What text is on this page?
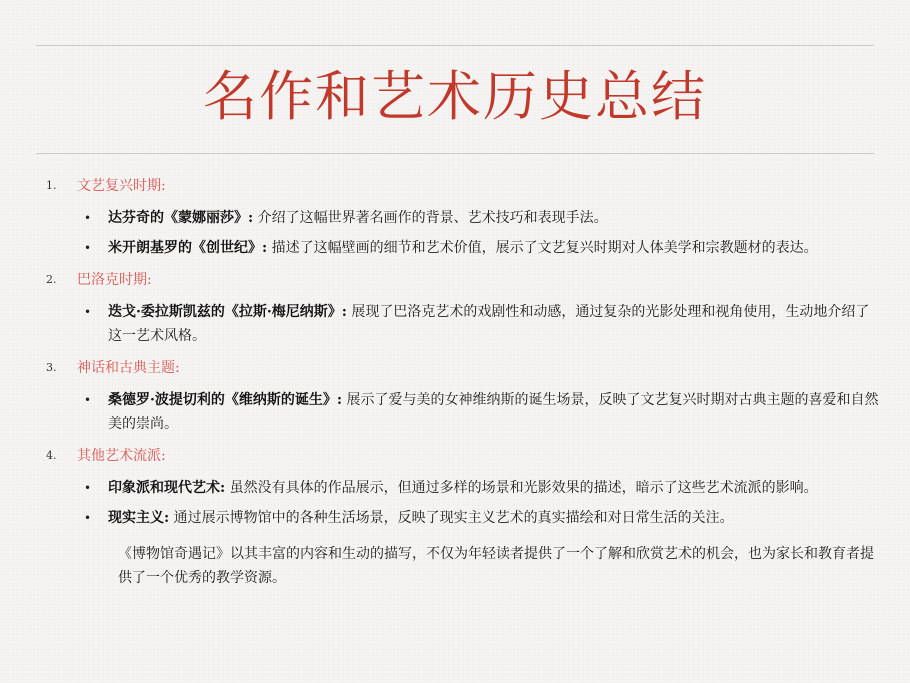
名作和艺术历史总结
1. 文艺复兴时期:
• 达芬奇的《蒙娜丽莎》: 介绍了这幅世界著名画作的背景、艺术技巧和表现手法。
• 米开朗基罗的《创世纪》: 描述了这幅壁画的细节和艺术价值，展示了文艺复兴时期对人体美学和宗教题材的表达。
2. 巴洛克时期:
• 迭戈·委拉斯凯兹的《拉斯·梅尼纳斯》: 展现了巴洛克艺术的戏剧性和动感，通过复杂的光影处理和视角使用，生动地介绍了这一艺术风格。
3. 神话和古典主题:
• 桑德罗·波提切利的《维纳斯的诞生》: 展示了爱与美的女神维纳斯的诞生场景，反映了文艺复兴时期对古典主题的喜爱和自然美的崇尚。
4. 其他艺术流派:
• 印象派和现代艺术: 虽然没有具体的作品展示，但通过多样的场景和光影效果的描述，暗示了这些艺术流派的影响。
• 现实主义: 通过展示博物馆中的各种生活场景，反映了现实主义艺术的真实描绘和对日常生活的关注。
《博物馆奇遇记》以其丰富的内容和生动的描写，不仅为年轻读者提供了一个了解和欣赏艺术的机会，也为家长和教育者提供了一个优秀的教学资源。
